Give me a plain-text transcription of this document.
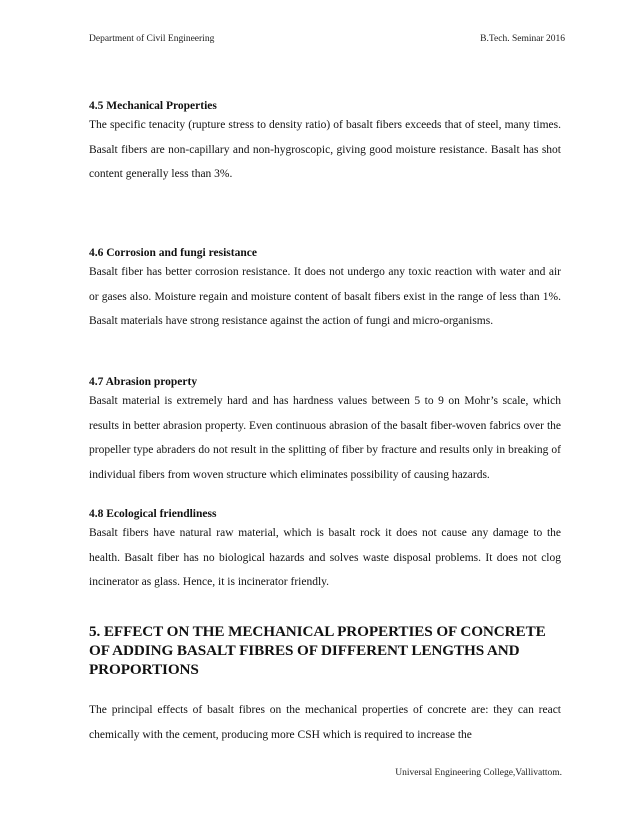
Department of Civil Engineering	B.Tech. Seminar 2016

4.5 Mechanical Properties

The specific tenacity (rupture stress to density ratio) of basalt fibers exceeds that of steel, many times. Basalt fibers are non-capillary and non-hygroscopic, giving good moisture resistance. Basalt has shot content generally less than 3%.

4.6 Corrosion and fungi resistance

Basalt fiber has better corrosion resistance. It does not undergo any toxic reaction with water and air or gases also. Moisture regain and moisture content of basalt fibers exist in the range of less than 1%. Basalt materials have strong resistance against the action of fungi and micro-organisms.

4.7 Abrasion property

Basalt material is extremely hard and has hardness values between 5 to 9 on Mohr’s scale, which results in better abrasion property. Even continuous abrasion of the basalt fiber-woven fabrics over the propeller type abraders do not result in the splitting of fiber by fracture and results only in breaking of individual fibers from woven structure which eliminates possibility of causing hazards.

4.8 Ecological friendliness

Basalt fibers have natural raw material, which is basalt rock it does not cause any damage to the health. Basalt fiber has no biological hazards and solves waste disposal problems. It does not clog incinerator as glass. Hence, it is incinerator friendly.

5. EFFECT ON THE MECHANICAL PROPERTIES OF CONCRETE OF ADDING BASALT FIBRES OF DIFFERENT LENGTHS AND PROPORTIONS

The principal effects of basalt fibres on the mechanical properties of concrete are: they can react chemically with the cement, producing more CSH which is required to increase the

Universal Engineering College,Vallivattom.
